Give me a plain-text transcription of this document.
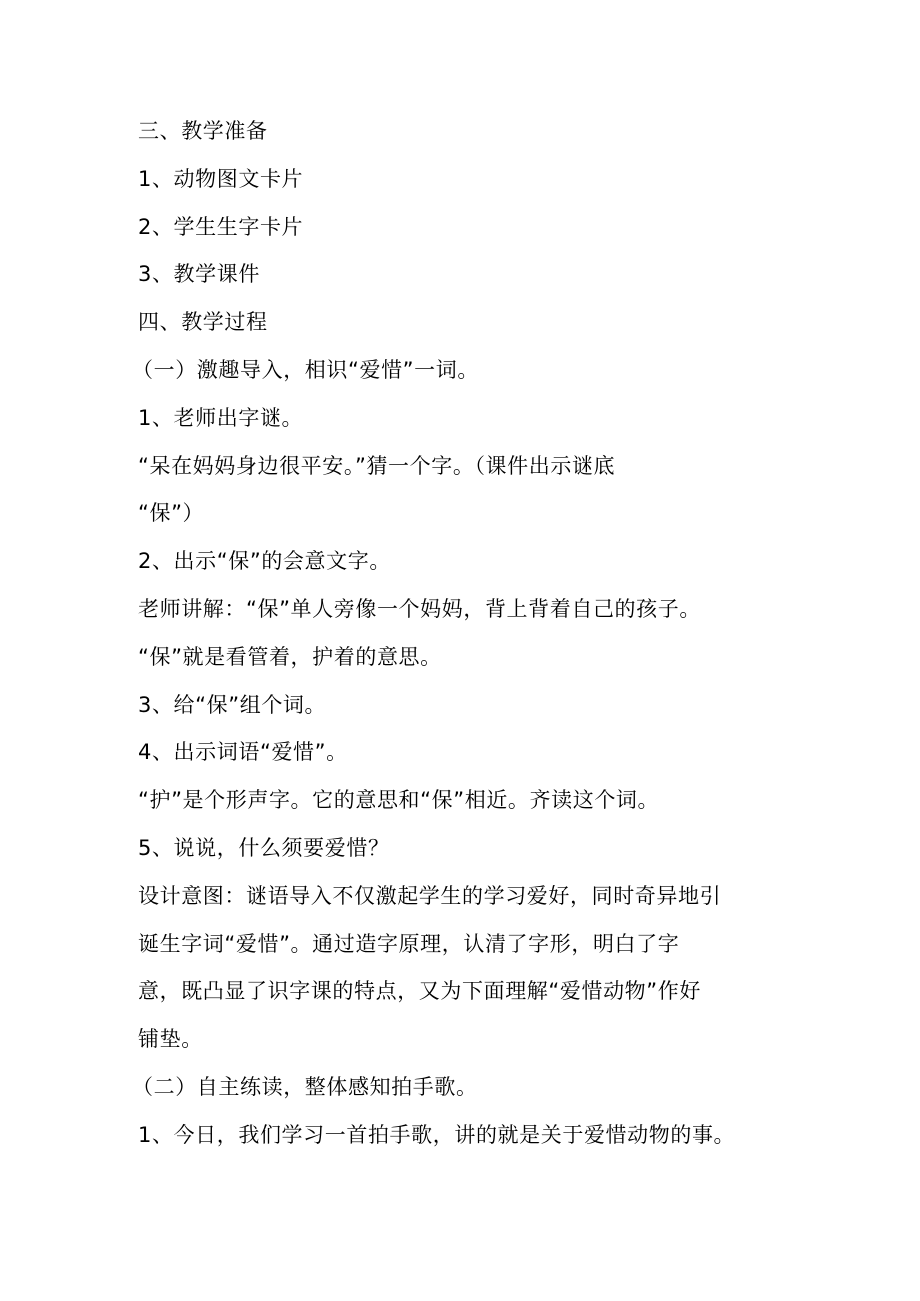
三、教学准备
1、动物图文卡片
2、学生生字卡片
3、教学课件
四、教学过程
（一）激趣导入，相识“爱惜”一词。
1、老师出字谜。
“呆在妈妈身边很平安。”猜一个字。（课件出示谜底
“保”）
2、出示“保”的会意文字。
老师讲解：“保”单人旁像一个妈妈，背上背着自己的孩子。
“保”就是看管着，护着的意思。
3、给“保”组个词。
4、出示词语“爱惜”。
“护”是个形声字。它的意思和“保”相近。齐读这个词。
5、说说，什么须要爱惜？
设计意图：谜语导入不仅激起学生的学习爱好，同时奇异地引
诞生字词“爱惜”。通过造字原理，认清了字形，明白了字
意，既凸显了识字课的特点，又为下面理解“爱惜动物”作好
铺垫。
（二）自主练读，整体感知拍手歌。
1、今日，我们学习一首拍手歌，讲的就是关于爱惜动物的事。
